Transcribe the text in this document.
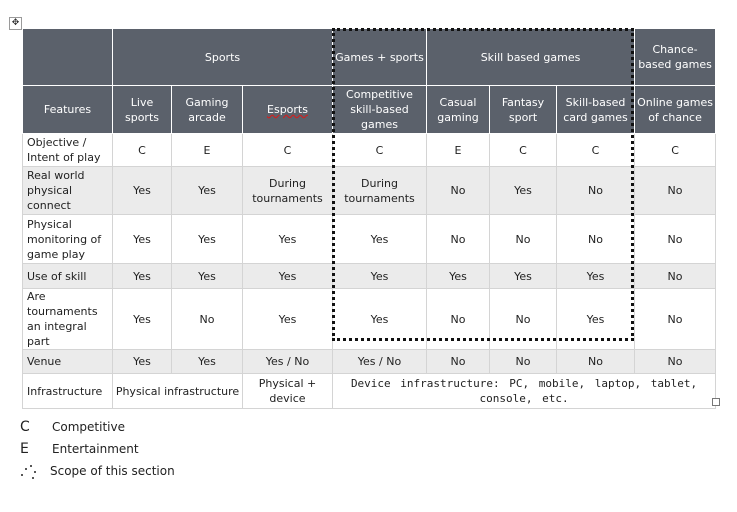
✥
	Sports			Games + sports	Skill based games			Chance-based games
Features	Live sports	Gaming arcade	Esports	Competitive skill-based games	Casual gaming	Fantasy sport	Skill-based card games	Online games of chance
Objective / Intent of play	C	E	C	C	E	C	C	C
Real world physical connect	Yes	Yes	During tournaments	During tournaments	No	Yes	No	No
Physical monitoring of game play	Yes	Yes	Yes	Yes	No	No	No	No
Use of skill	Yes	Yes	Yes	Yes	Yes	Yes	Yes	No
Are tournaments an integral part	Yes	No	Yes	Yes	No	No	Yes	No
Venue	Yes	Yes	Yes / No	Yes / No	No	No	No	No
Infrastructure	Physical infrastructure		Physical + device	Device infrastructure: PC, mobile, laptop, tablet, console, etc.				
C	Competitive
E	Entertainment
Scope of this section
